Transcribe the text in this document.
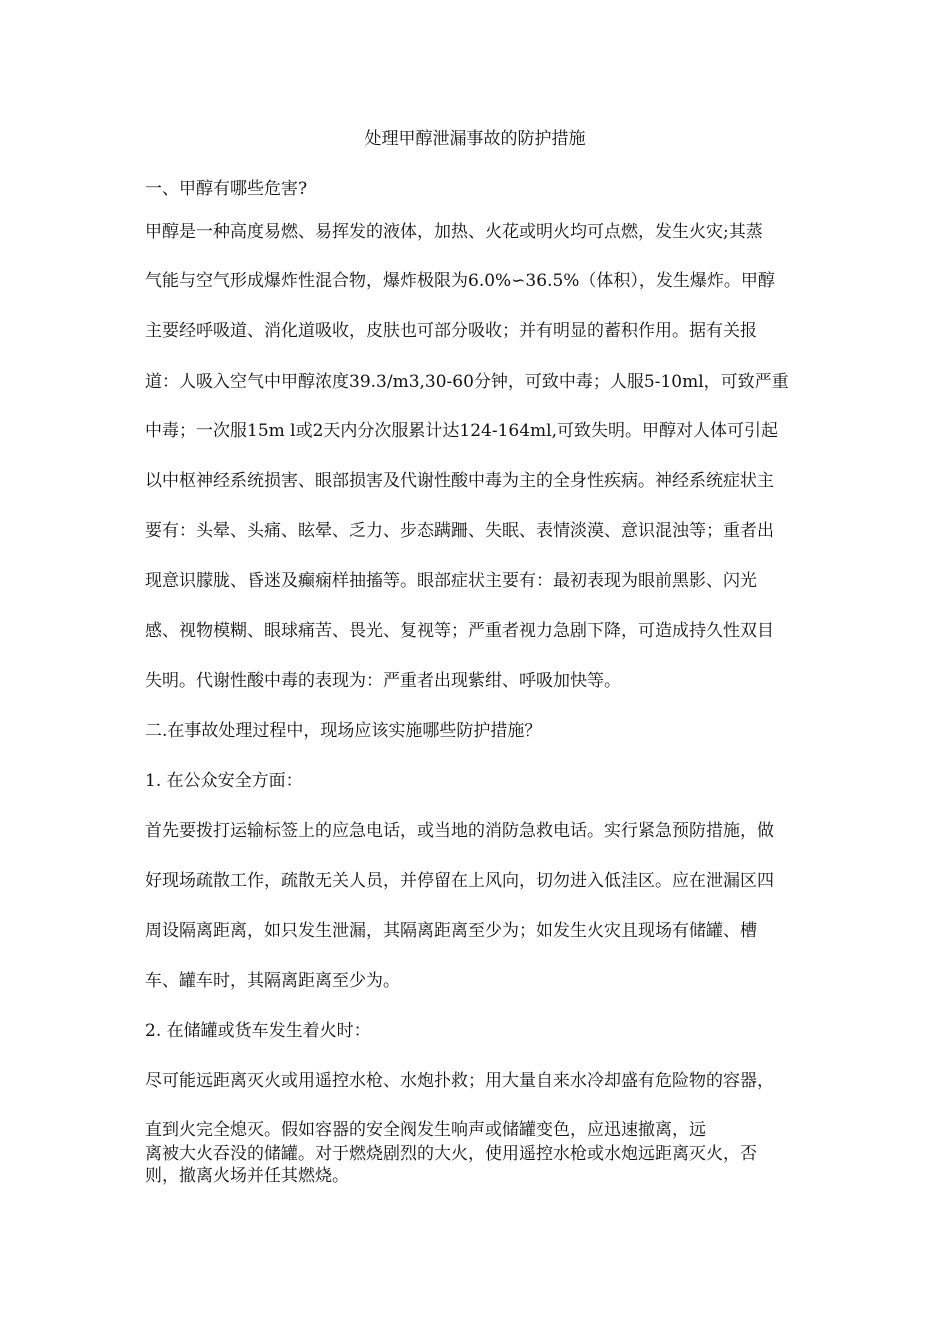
处理甲醇泄漏事故的防护措施
一、甲醇有哪些危害?
甲醇是一种高度易燃、易挥发的液体，加热、火花或明火均可点燃，发生火灾;其蒸
气能与空气形成爆炸性混合物，爆炸极限为6.0%∽36.5%（体积），发生爆炸。甲醇
主要经呼吸道、消化道吸收，皮肤也可部分吸收；并有明显的蓄积作用。据有关报
道：人吸入空气中甲醇浓度39.3/m3,30-60分钟，可致中毒；人服5-10ml，可致严重
中毒；一次服15m l或2天内分次服累计达124-164ml,可致失明。甲醇对人体可引起
以中枢神经系统损害、眼部损害及代谢性酸中毒为主的全身性疾病。神经系统症状主
要有：头晕、头痛、眩晕、乏力、步态蹒跚、失眠、表情淡漠、意识混浊等；重者出
现意识朦胧、昏迷及癫痫样抽搐等。眼部症状主要有：最初表现为眼前黑影、闪光
感、视物模糊、眼球痛苦、畏光、复视等；严重者视力急剧下降，可造成持久性双目
失明。代谢性酸中毒的表现为：严重者出现紫绀、呼吸加快等。
二.在事故处理过程中，现场应该实施哪些防护措施？
1. 在公众安全方面：
首先要拨打运输标签上的应急电话，或当地的消防急救电话。实行紧急预防措施，做
好现场疏散工作，疏散无关人员，并停留在上风向，切勿进入低洼区。应在泄漏区四
周设隔离距离，如只发生泄漏，其隔离距离至少为；如发生火灾且现场有储罐、槽
车、罐车时，其隔离距离至少为。
2. 在储罐或货车发生着火时：
尽可能远距离灭火或用遥控水枪、水炮扑救；用大量自来水冷却盛有危险物的容器，
直到火完全熄灭。假如容器的安全阀发生响声或储罐变色，应迅速撤离，远
离被大火吞没的储罐。对于燃烧剧烈的大火，使用遥控水枪或水炮远距离灭火，否
则，撤离火场并任其燃烧。
